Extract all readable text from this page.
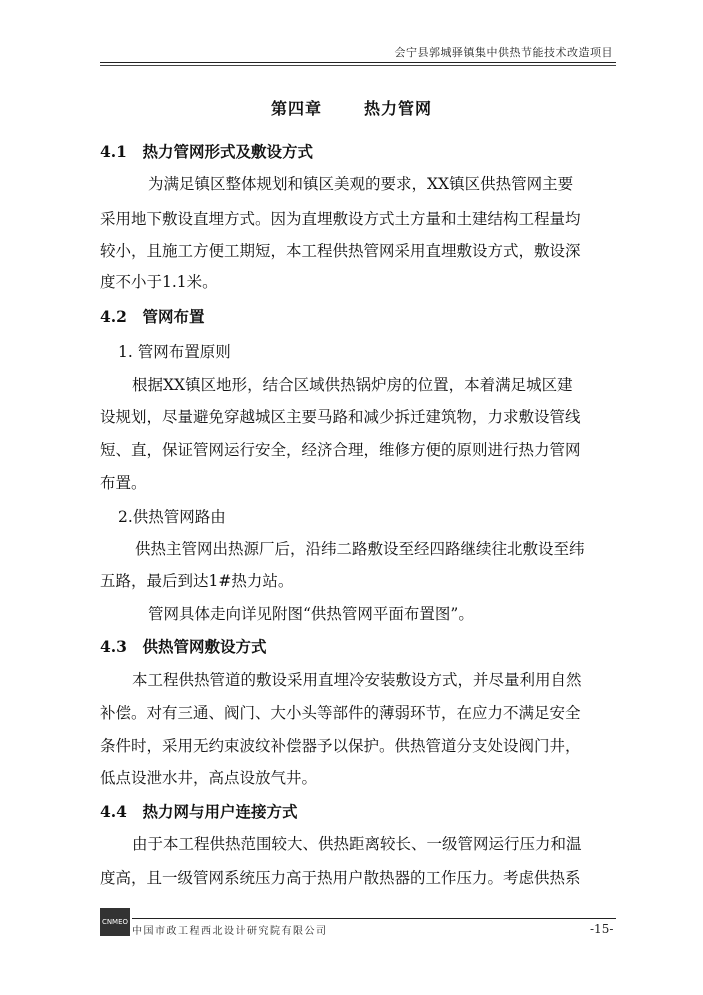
会宁县郭城驿镇集中供热节能技术改造项目
第四章	热力管网
4.1　热力管网形式及敷设方式
为满足镇区整体规划和镇区美观的要求，XX镇区供热管网主要
采用地下敷设直埋方式。因为直埋敷设方式土方量和土建结构工程量均
较小，且施工方便工期短，本工程供热管网采用直埋敷设方式，敷设深
度不小于1.1米。
4.2　管网布置
1. 管网布置原则
根据XX镇区地形，结合区域供热锅炉房的位置，本着满足城区建
设规划，尽量避免穿越城区主要马路和减少拆迁建筑物，力求敷设管线
短、直，保证管网运行安全，经济合理，维修方便的原则进行热力管网
布置。
2.供热管网路由
供热主管网出热源厂后，沿纬二路敷设至经四路继续往北敷设至纬
五路，最后到达1#热力站。
管网具体走向详见附图“供热管网平面布置图”。
4.3　供热管网敷设方式
本工程供热管道的敷设采用直埋冷安装敷设方式，并尽量利用自然
补偿。对有三通、阀门、大小头等部件的薄弱环节，在应力不满足安全
条件时，采用无约束波纹补偿器予以保护。供热管道分支处设阀门井，
低点设泄水井，高点设放气井。
4.4　热力网与用户连接方式
由于本工程供热范围较大、供热距离较长、一级管网运行压力和温
度高，且一级管网系统压力高于热用户散热器的工作压力。考虑供热系
CNMEO
中国市政工程西北设计研究院有限公司	-15-
